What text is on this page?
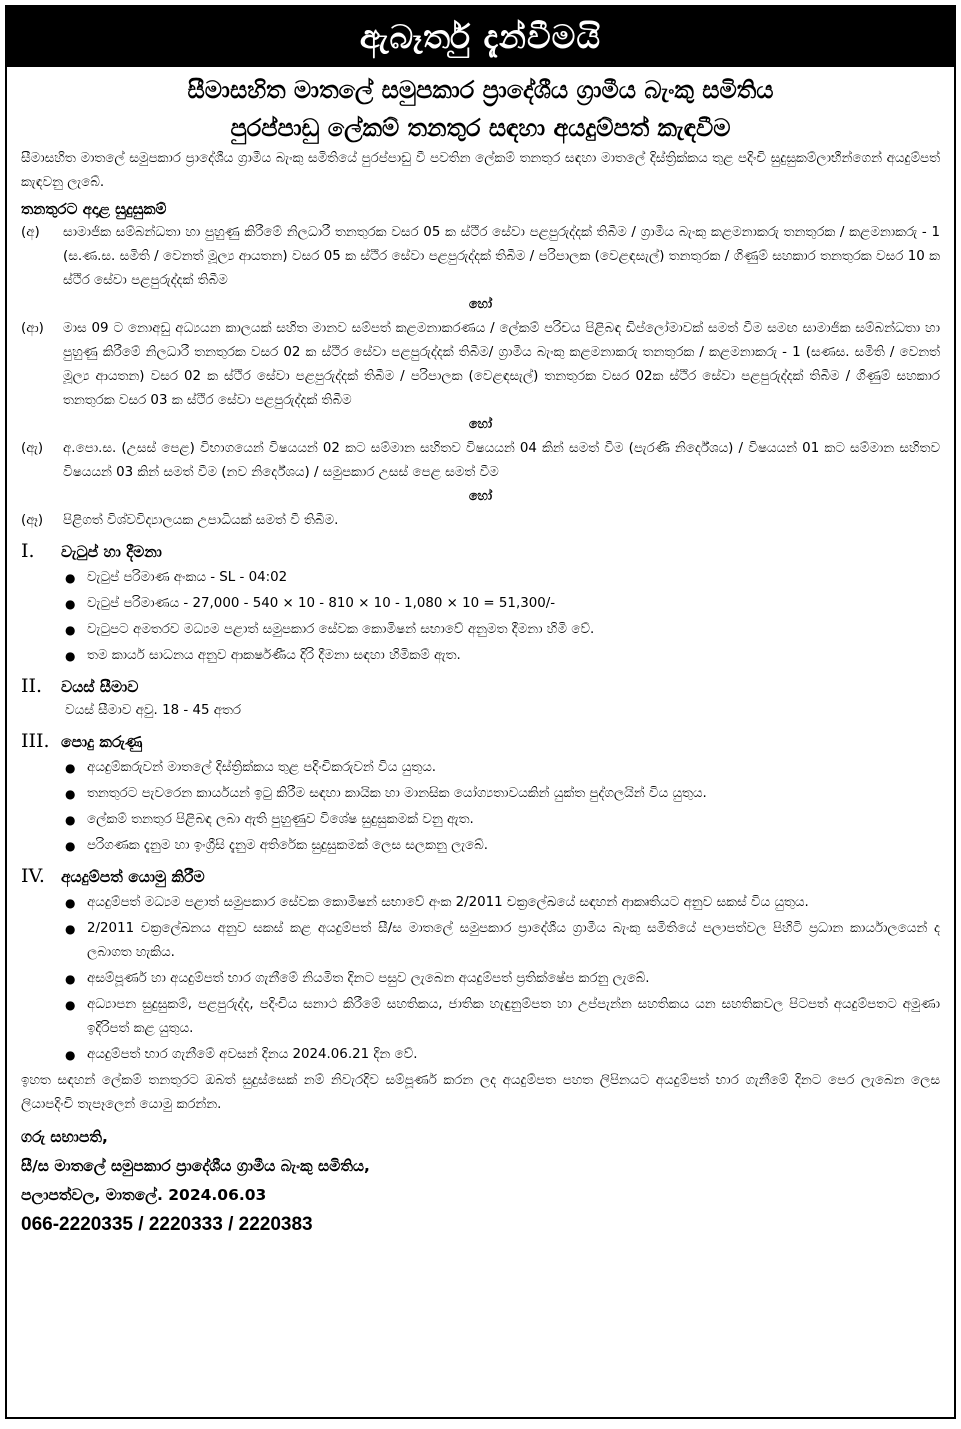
ඇබෑර්තු දැන්වීමයි
සීමාසහිත මාතලේ සමුපකාර ප්‍රාදේශීය ග්‍රාමීය බැංකු සමිතිය
පුරප්පාඩු ලේකම් තනතුර සඳහා අයදුම්පත් කැඳවීම
සීමාසහිත මාතලේ සමුපකාර ප්‍රාදේශීය ග්‍රාමීය බැංකු සමිතියේ පුරප්පාඩු වී පවතින ලේකම් තනතුර සඳහා මාතලේ දිස්ත්‍රික්කය තුළ පදිංචි සුදුසුකම්ලාභීන්ගෙන් අයදුම්පත් කැඳවනු ලැබේ.
තනතුරට අදාළ සුදුසුකම්
(අ)	සාමාජික සම්බන්ධතා හා පුහුණු කිරීමේ නිලධාරී තනතුරක වසර 05 ක ස්ථිර සේවා පළපුරුද්දක් තිබීම / ග්‍රාමීය බැංකු කළමනාකරු තනතුරක / කළමනාකරු - 1 (ස.ණ.ස. සමිති / වෙනත් මූල්‍ය ආයතන) වසර 05 ක ස්ථිර සේවා පළපුරුද්දක් තිබීම / පරිපාලක (වෙළඳසැල්) තනතුරක / ගිණුම් සහකාර තනතුරක වසර 10 ක ස්ථිර සේවා පළපුරුද්දක් තිබීම
හෝ
(ආ)	මාස 09 ට නොඅඩු අධ්‍යයන කාලයක් සහිත මානව සම්පත් කළමනාකරණය / ලේකම් පරිචය පිළිබඳ ඩිප්ලෝමාවක් සමත් වීම සමඟ සාමාජික සම්බන්ධතා හා පුහුණු කිරීමේ නිලධාරී තනතුරක වසර 02 ක ස්ථිර සේවා පළපුරුද්දක් තිබීම/ ග්‍රාමීය බැංකු කළමනාකරු තනතුරක / කළමනාකරු - 1 (සණස. සමිති / වෙනත් මූල්‍ය ආයතන) වසර 02 ක ස්ථිර සේවා පළපුරුද්දක් තිබීම / පරිපාලක (වෙළඳසැල්) තනතුරක වසර 02ක ස්ථිර සේවා පළපුරුද්දක් තිබීම / ගිණුම් සහකාර තනතුරක වසර 03 ක ස්ථිර සේවා පළපුරුද්දක් තිබීම
හෝ
(ඇ)	අ.පො.ස. (උසස් පෙළ) විභාගයෙන් විෂයයන් 02 කට සම්මාන සහිතව විෂයයන් 04 කින් සමත් වීම (පැරණි නිර්දේශය) / විෂයයන් 01 කට සම්මාන සහිතව විෂයයන් 03 කින් සමත් වීම (නව නිර්දේශය) / සමුපකාර උසස් පෙළ සමත් වීම
හෝ
(ඈ)	පිළිගත් විශ්වවිද්‍යාලයක උපාධියක් සමත් වී තිබීම.
I.	වැටුප් හා දීමනා
● වැටුප් පරිමාණ අංකය - SL - 04:02
● වැටුප් පරිමාණය - 27,000 - 540 × 10 - 810 × 10 - 1,080 × 10 = 51,300/-
● වැටුපට අමතරව මධ්‍යම පළාත් සමුපකාර සේවක කොමිෂන් සභාවේ අනුමත දීමනා හිමි වේ.
● තම කාර්ය සාධනය අනුව ආකර්ෂණීය දිරි දීමනා සඳහා හිමිකම් ඇත.
II.	වයස් සීමාව
වයස් සීමාව අවු. 18 - 45 අතර
III. පොදු කරුණු
● අයදුම්කරුවන් මාතලේ දිස්ත්‍රික්කය තුළ පදිංචිකරුවන් විය යුතුය.
● තනතුරට පැවරෙන කාර්යයන් ඉටු කිරීම සඳහා කායික හා මානසික යෝග්‍යතාවයකින් යුක්ත පුද්ගලයින් විය යුතුය.
● ලේකම් තනතුර පිළිබඳ ලබා ඇති පුහුණුව විශේෂ සුදුසුකමක් වනු ඇත.
● පරිගණක දැනුම හා ඉංග්‍රීසි දැනුම අතිරේක සුදුසුකමක් ලෙස සලකනු ලැබේ.
IV.	අයදුම්පත් යොමු කිරීම
● අයදුම්පත් මධ්‍යම පළාත් සමුපකාර සේවක කොමිෂන් සභාවේ අංක 2/2011 චක්‍රලේඛයේ සඳහන් ආකෘතියට අනුව සකස් විය යුතුය.
● 2/2011 චක්‍රලේඛනය අනුව සකස් කළ අයදුම්පත් සී/ස මාතලේ සමුපකාර ප්‍රාදේශීය ග්‍රාමීය බැංකු සමිතියේ පලාපත්වල පිහිටි ප්‍රධාන කාර්යාලයෙන් ද ලබාගත හැකිය.
● අසම්පූර්ණ හා අයදුම්පත් භාර ගැනීමේ නියමිත දිනට පසුව ලැබෙන අයදුම්පත් ප්‍රතික්ෂේප කරනු ලැබේ.
● අධ්‍යාපන සුදුසුකම්, පළපුරුද්ද, පදිංචිය සනාථ කිරීමේ සහතිකය, ජාතික හැඳුනුම්පත හා උප්පැන්න සහතිකය යන සහතිකවල පිටපත් අයදුම්පතට අමුණා ඉදිරිපත් කළ යුතුය.
● අයදුම්පත් භාර ගැනීමේ අවසන් දිනය 2024.06.21 දින වේ.
ඉහත සඳහන් ලේකම් තනතුරට ඔබත් සුදුස්සෙක් නම් නිවැරදිව සම්පූර්ණ කරන ලද අයදුම්පත පහත ලිපිනයට අයදුම්පත් භාර ගැනීමේ දිනට පෙර ලැබෙන ලෙස ලියාපදිංචි තැපෑලෙන් යොමු කරන්න.
ගරු සභාපති,
සී/ස මාතලේ සමුපකාර ප්‍රාදේශීය ග්‍රාමීය බැංකු සමිතිය,
පලාපත්වල, මාතලේ. 2024.06.03
066-2220335 / 2220333 / 2220383
